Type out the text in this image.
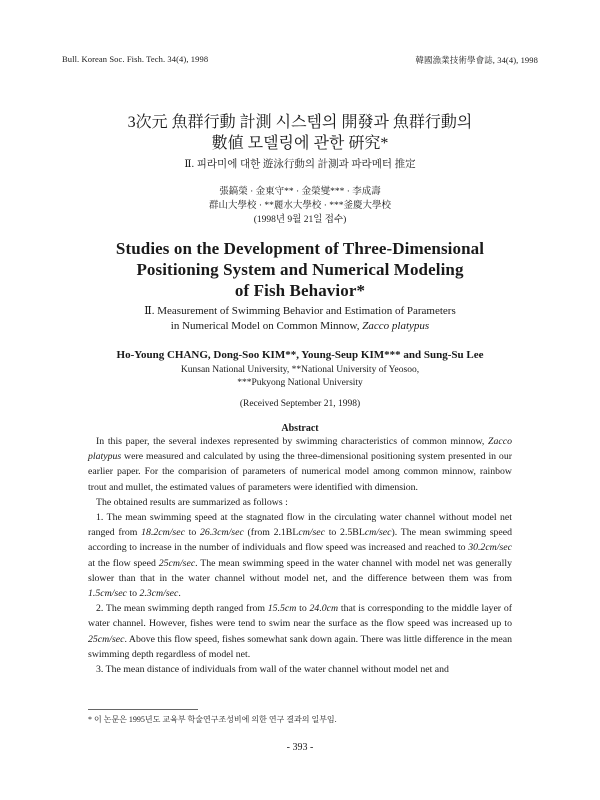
Bull. Korean Soc. Fish. Tech. 34(4), 1998	韓國漁業技術學會誌, 34(4), 1998
3次元 魚群行動 計測 시스템의 開發과 魚群行動의
數値 모델링에 관한 硏究*

Ⅱ. 피라미에 대한 遊泳行動의 計測과 파라메터 推定

張鎬榮 · 金東守** · 金榮燮*** · 李成壽

群山大學校 · **麗水大學校 · ***釜慶大學校

(1998년 9월 21일 접수)

Studies on the Development of Three-Dimensional
Positioning System and Numerical Modeling
of Fish Behavior*

Ⅱ. Measurement of Swimming Behavior and Estimation of Parameters
in Numerical Model on Common Minnow, Zacco platypus

Ho-Young CHANG, Dong-Soo KIM**, Young-Seup KIM*** and Sung-Su Lee

Kunsan National University, **National University of Yeosoo,
***Pukyong National University

(Received September 21, 1998)

Abstract

In this paper, the several indexes represented by swimming characteristics of common minnow, Zacco platypus were measured and calculated by using the three-dimensional positioning system presented in our earlier paper. For the comparision of parameters of numerical model among common minnow, rainbow trout and mullet, the estimated values of parameters were identified with dimension.

The obtained results are summarized as follows :

1. The mean swimming speed at the stagnated flow in the circulating water channel without model net ranged from 18.2cm/sec to 26.3cm/sec (from 2.1BLcm/sec to 2.5BLcm/sec). The mean swimming speed according to increase in the number of individuals and flow speed was increased and reached to 30.2cm/sec at the flow speed 25cm/sec. The mean swimming speed in the water channel with model net was generally slower than that in the water channel without model net, and the difference between them was from 1.5cm/sec to 2.3cm/sec.

2. The mean swimming depth ranged from 15.5cm to 24.0cm that is corresponding to the middle layer of water channel. However, fishes were tend to swim near the surface as the flow speed was increased up to 25cm/sec. Above this flow speed, fishes somewhat sank down again. There was little difference in the mean swimming depth regardless of model net.

3. The mean distance of individuals from wall of the water channel without model net and

* 이 논문은 1995년도 교육부 학술연구조성비에 의한 연구 결과의 일부임.
- 393 -
